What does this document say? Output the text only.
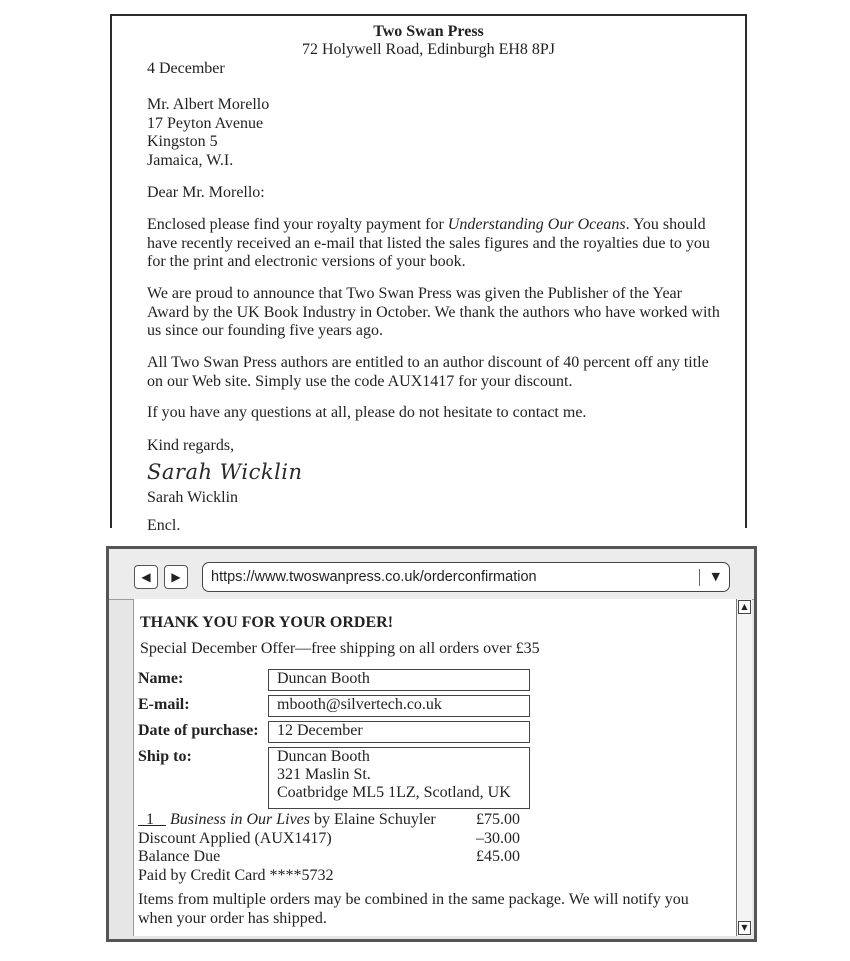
Two Swan Press
72 Holywell Road, Edinburgh EH8 8PJ
4 December
Mr. Albert Morello
17 Peyton Avenue
Kingston 5
Jamaica, W.I.
Dear Mr. Morello:
Enclosed please find your royalty payment for Understanding Our Oceans. You should have recently received an e-mail that listed the sales figures and the royalties due to you for the print and electronic versions of your book.
We are proud to announce that Two Swan Press was given the Publisher of the Year Award by the UK Book Industry in October. We thank the authors who have worked with us since our founding five years ago.
All Two Swan Press authors are entitled to an author discount of 40 percent off any title on our Web site. Simply use the code AUX1417 for your discount.
If you have any questions at all, please do not hesitate to contact me.
Kind regards,
Sarah Wicklin
Sarah Wicklin
Encl.
◀ ▶ https://www.twoswanpress.co.uk/orderconfirmation	▼
THANK YOU FOR YOUR ORDER!
Special December Offer—free shipping on all orders over £35
Name:	Duncan Booth
E-mail:	mbooth@silvertech.co.uk
Date of purchase:	12 December
Ship to:	Duncan Booth
321 Maslin St.
Coatbridge ML5 1LZ, Scotland, UK
1 Business in Our Lives by Elaine Schuyler	£75.00
Discount Applied (AUX1417)	–30.00
Balance Due	£45.00
Paid by Credit Card ****5732
Items from multiple orders may be combined in the same package. We will notify you when your order has shipped.
▲
▼
